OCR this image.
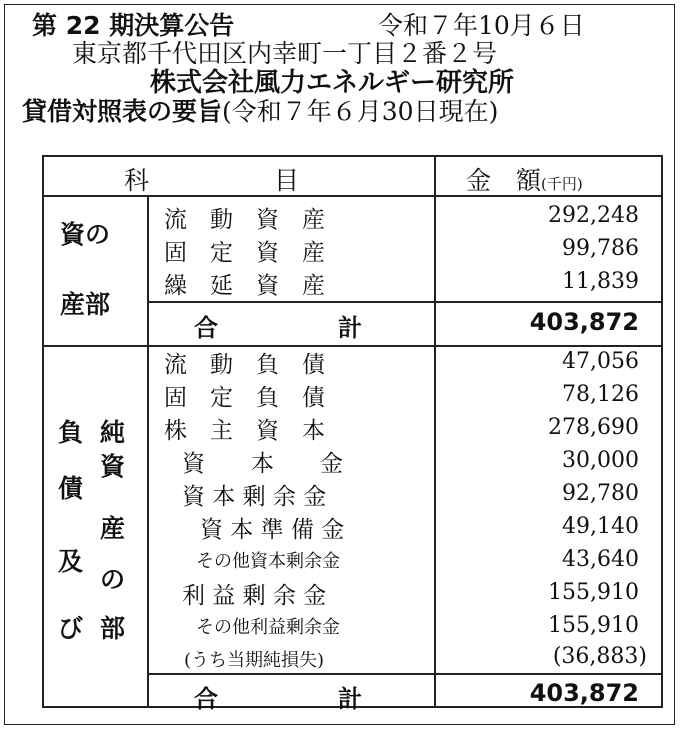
第 22 期決算公告	令和７年10月６日
東京都千代田区内幸町一丁目２番２号
株式会社風力エネルギー研究所
貸借対照表の要旨(令和７年６月30日現在)
科　　　　　目	金　額(千円)
資の
産部
流　動　資　産	292,248
固　定　資　産	99,786
繰　延　資　産	11,839
合　　　　　計	403,872
負
債
及
び
純
資
産
の
部
流　動　負　債	47,056
固　定　負　債	78,126
株　主　資　本	278,690
資　　本　　金	30,000
資 本 剰 余 金	92,780
資 本 準 備 金	49,140
その他資本剰余金	43,640
利 益 剰 余 金	155,910
その他利益剰余金	155,910
(うち当期純損失)	(36,883)
合　　　　　計	403,872
